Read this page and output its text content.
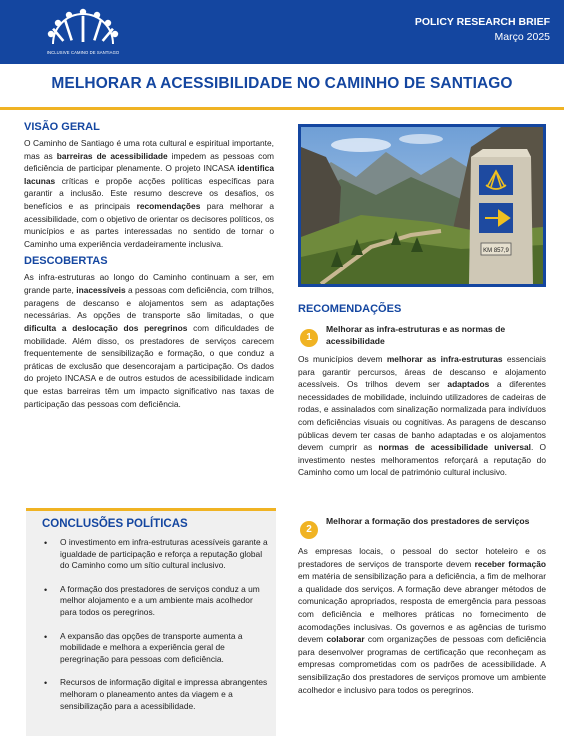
INCLUSIVE CAMINO DE SANTIAGO
POLICY RESEARCH BRIEF
Março 2025
MELHORAR A ACESSIBILIDADE NO CAMINHO DE SANTIAGO
VISÃO GERAL

O Caminho de Santiago é uma rota cultural e espiritual importante, mas as barreiras de acessibilidade impedem as pessoas com deficiência de participar plenamente. O projeto INCASA identifica lacunas críticas e propõe acções políticas específicas para garantir a inclusão. Este resumo descreve os desafios, os benefícios e as principais recomendações para melhorar a acessibilidade, com o objetivo de orientar os decisores políticos, os municípios e as partes interessadas no sentido de tornar o Caminho uma experiência verdadeiramente inclusiva.

DESCOBERTAS

As infra-estruturas ao longo do Caminho continuam a ser, em grande parte, inacessíveis a pessoas com deficiência, com trilhos, paragens de descanso e alojamentos sem as adaptações necessárias. As opções de transporte são limitadas, o que dificulta a deslocação dos peregrinos com dificuldades de mobilidade. Além disso, os prestadores de serviços carecem frequentemente de sensibilização e formação, o que conduz a práticas de exclusão que desencorajam a participação. Os dados do projeto INCASA e de outros estudos de acessibilidade indicam que estas barreiras têm um impacto significativo nas taxas de participação das pessoas com deficiência.

CONCLUSÕES POLÍTICAS
• O investimento em infra-estruturas acessíveis garante a igualdade de participação e reforça a reputação global do Caminho como um sítio cultural inclusivo.
• A formação dos prestadores de serviços conduz a um melhor alojamento e a um ambiente mais acolhedor para todos os peregrinos.
• A expansão das opções de transporte aumenta a mobilidade e melhora a experiência geral de peregrinação para pessoas com deficiência.
• Recursos de informação digital e impressa abrangentes melhoram o planeamento antes da viagem e a sensibilização para a acessibilidade.
KM 857,9
RECOMENDAÇÕES
1
Melhorar as infra-estruturas e as normas de acessibilidade

Os municípios devem melhorar as infra-estruturas essenciais para garantir percursos, áreas de descanso e alojamento acessíveis. Os trilhos devem ser adaptados a diferentes necessidades de mobilidade, incluindo utilizadores de cadeiras de rodas, e assinalados com sinalização normalizada para indivíduos com deficiências visuais ou cognitivas. As paragens de descanso públicas devem ter casas de banho adaptadas e os alojamentos devem cumprir as normas de acessibilidade universal. O investimento nestes melhoramentos reforçará a reputação do Caminho como um local de património cultural inclusivo.

2
Melhorar a formação dos prestadores de serviços

As empresas locais, o pessoal do sector hoteleiro e os prestadores de serviços de transporte devem receber formação em matéria de sensibilização para a deficiência, a fim de melhorar a qualidade dos serviços. A formação deve abranger métodos de comunicação apropriados, resposta de emergência para pessoas com deficiência e melhores práticas no fornecimento de acomodações inclusivas. Os governos e as agências de turismo devem colaborar com organizações de pessoas com deficiência para desenvolver programas de certificação que reconheçam as empresas comprometidas com os padrões de acessibilidade. A sensibilização dos prestadores de serviços promove um ambiente acolhedor e inclusivo para todos os peregrinos.
